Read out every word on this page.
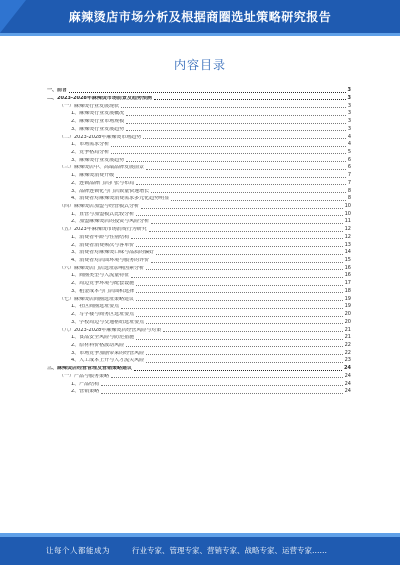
麻辣烫店市场分析及根据商圈选址策略研究报告
内容目录
一、前言	3
二、2023-2028年麻辣烫市场前景及趋势预测	3
（一）麻辣烫行业发展现状	3
1、麻辣烫行业发展概况	3
2、麻辣烫行业市场规模	3
3、麻辣烫行业发展趋势	3
（二）2023-2028年麻辣烫市场趋势	4
1、市场需求分析	4
2、竞争格局分析	5
3、麻辣烫行业发展趋势	6
（三）麻辣烫店中、高端品牌发展前景	6
1、麻辣烫消费升级	7
2、连锁品牌门店扩张与布局	7
3、品牌连锁化与门店数量快速增长	8
4、消费者对麻辣烫消费需求多元化趋势明显	8
（四）麻辣烫店加盟与经营模式分析	10
1、直营与加盟模式比较分析	10
2、加盟麻辣烫店的投资与风险分析	11
（五）2023年麻辣烫市场消费行为研究	12
1、消费者年龄与性别结构	12
2、消费者消费频次与客单价	13
3、消费者对麻辣烫口味与品质的偏好	14
4、消费者对店面环境与服务的评价	15
（六）麻辣烫店门店选址影响因素分析	16
1、商圈类型与人流量特征	16
2、周边竞争环境与配套设施	17
3、租金成本与门店面积选择	18
（七）麻辣烫店商圈选址策略建议	19
1、社区商圈选址要点	19
2、写字楼与商务区选址要点	20
3、学校周边与交通枢纽选址要点	20
（八）2023-2028年麻辣烫店经营风险与对策	21
1、食品安全风险与防范措施	21
2、原材料价格波动风险	22
3、市场竞争加剧带来的经营风险	22
4、人工成本上升与人才流失风险	23
三、麻辣烫店经营管理及营销策略建议	24
（一）产品与服务策略	24
1、产品结构	24
2、营销策略	24
让每个人都能成为	行业专家、管理专家、营销专家、战略专家、运营专家……
